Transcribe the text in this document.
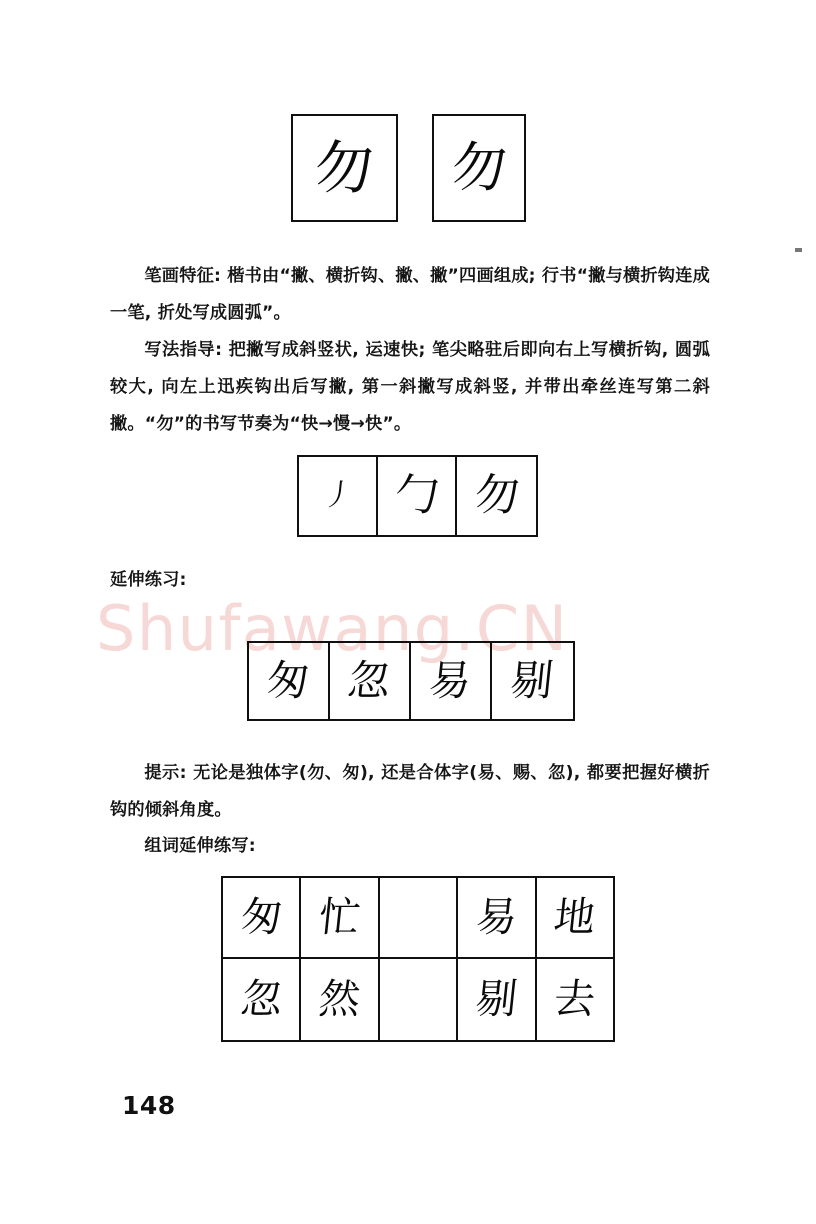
Shufawang.CN
勿 勿

笔画特征: 楷书由“撇、横折钩、撇、撇”四画组成; 行书“撇与横折钩连成一笔, 折处写成圆弧”。

写法指导: 把撇写成斜竖状, 运速快; 笔尖略驻后即向右上写横折钩, 圆弧较大, 向左上迅疾钩出后写撇, 第一斜撇写成斜竖, 并带出牵丝连写第二斜撇。“勿”的书写节奏为“快→慢→快”。

丿 勹 勿

延伸练习:

匆 忽 易 剔

提示: 无论是独体字(勿、匆), 还是合体字(易、赐、忽), 都要把握好横折钩的倾斜角度。

组词延伸练写:

匆 忙	易 地
忽 然	剔 去
148
